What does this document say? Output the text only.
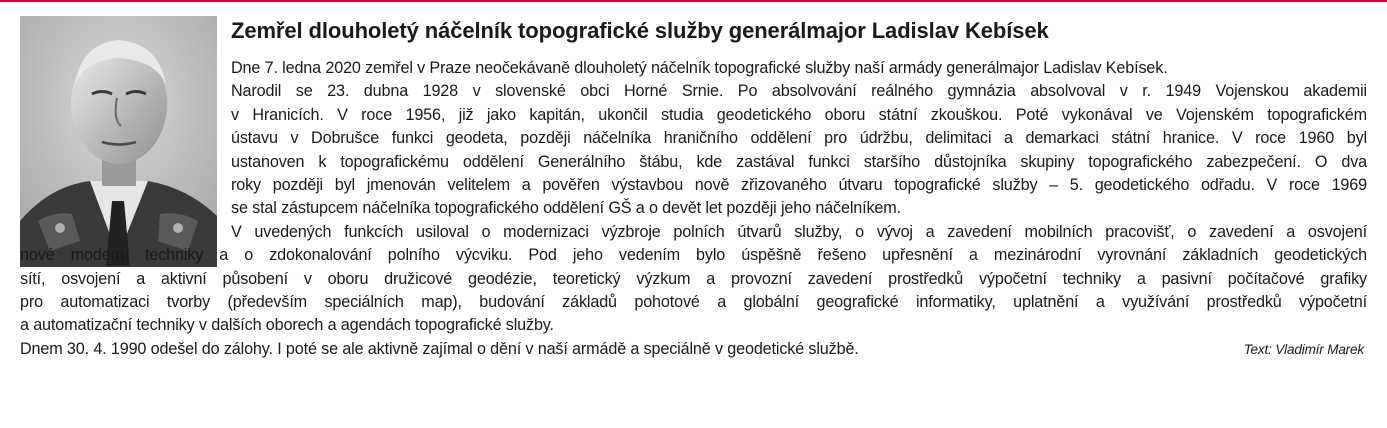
Zemřel dlouholetý náčelník topografické služby generálmajor Ladislav Kebísek
Dne 7. ledna 2020 zemřel v Praze neočekávaně dlouholetý náčelník topografické služby naší armády generálmajor Ladislav Kebísek.
Narodil se 23. dubna 1928 v slovenské obci Horné Srnie. Po absolvování reálného gymnázia absolvoval v r. 1949 Vojenskou akademii
v Hranicích. V roce 1956, již jako kapitán, ukončil studia geodetického oboru státní zkouškou. Poté vykonával ve Vojenském topografickém
ústavu v Dobrušce funkci geodeta, později náčelníka hraničního oddělení pro údržbu, delimitaci a demarkaci státní hranice. V roce 1960 byl
ustanoven k topografickému oddělení Generálního štábu, kde zastával funkci staršího důstojníka skupiny topografického zabezpečení. O dva
roky později byl jmenován velitelem a pověřen výstavbou nově zřizovaného útvaru topografické služby – 5. geodetického odřadu. V roce 1969
se stal zástupcem náčelníka topografického oddělení GŠ a o devět let později jeho náčelníkem.
V uvedených funkcích usiloval o modernizaci výzbroje polních útvarů služby, o vývoj a zavedení mobilních pracovišť, o zavedení a osvojení
nové moderní techniky a o zdokonalování polního výcviku. Pod jeho vedením bylo úspěšně řešeno upřesnění a mezinárodní vyrovnání základních geodetických
sítí, osvojení a aktivní působení v oboru družicové geodézie, teoretický výzkum a provozní zavedení prostředků výpočetní techniky a pasivní počítačové grafiky
pro automatizaci tvorby (především speciálních map), budování základů pohotové a globální geografické informatiky, uplatnění a využívání prostředků výpočetní
a automatizační techniky v dalších oborech a agendách topografické služby.
Dnem 30. 4. 1990 odešel do zálohy. I poté se ale aktivně zajímal o dění v naší armádě a speciálně v geodetické službě.	Text: Vladimír Marek
